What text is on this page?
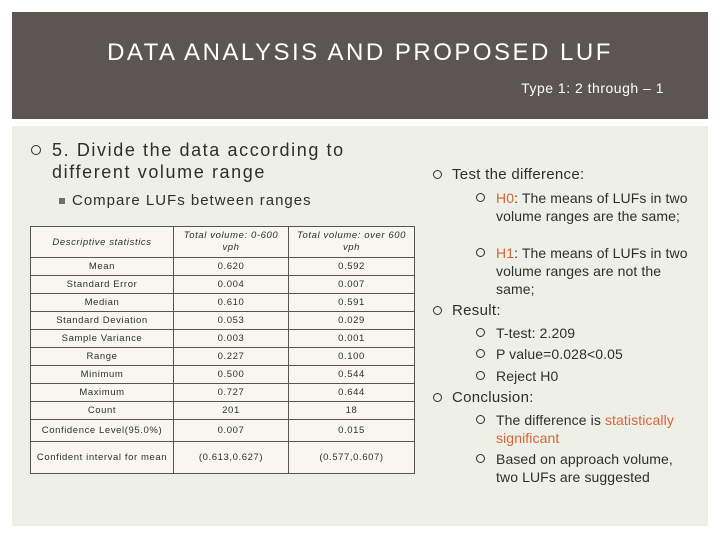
DATA ANALYSIS AND PROPOSED LUF
Type 1: 2 through – 1
5. Divide the data according to
different volume range
Compare LUFs between ranges
Descriptive statistics	Total volume: 0-600 vph	Total volume: over 600 vph
Mean	0.620	0.592
Standard Error	0.004	0.007
Median	0.610	0.591
Standard Deviation	0.053	0.029
Sample Variance	0.003	0.001
Range	0.227	0.100
Minimum	0.500	0.544
Maximum	0.727	0.644
Count	201	18
Confidence Level(95.0%)	0.007	0.015
Confident interval for mean	(0.613,0.627)	(0.577,0.607)
Test the difference:
H0: The means of LUFs in two volume ranges are the same;
H1: The means of LUFs in two volume ranges are not the same;
Result:
T-test: 2.209
P value=0.028<0.05
Reject H0
Conclusion:
The difference is statistically significant
Based on approach volume, two LUFs are suggested
